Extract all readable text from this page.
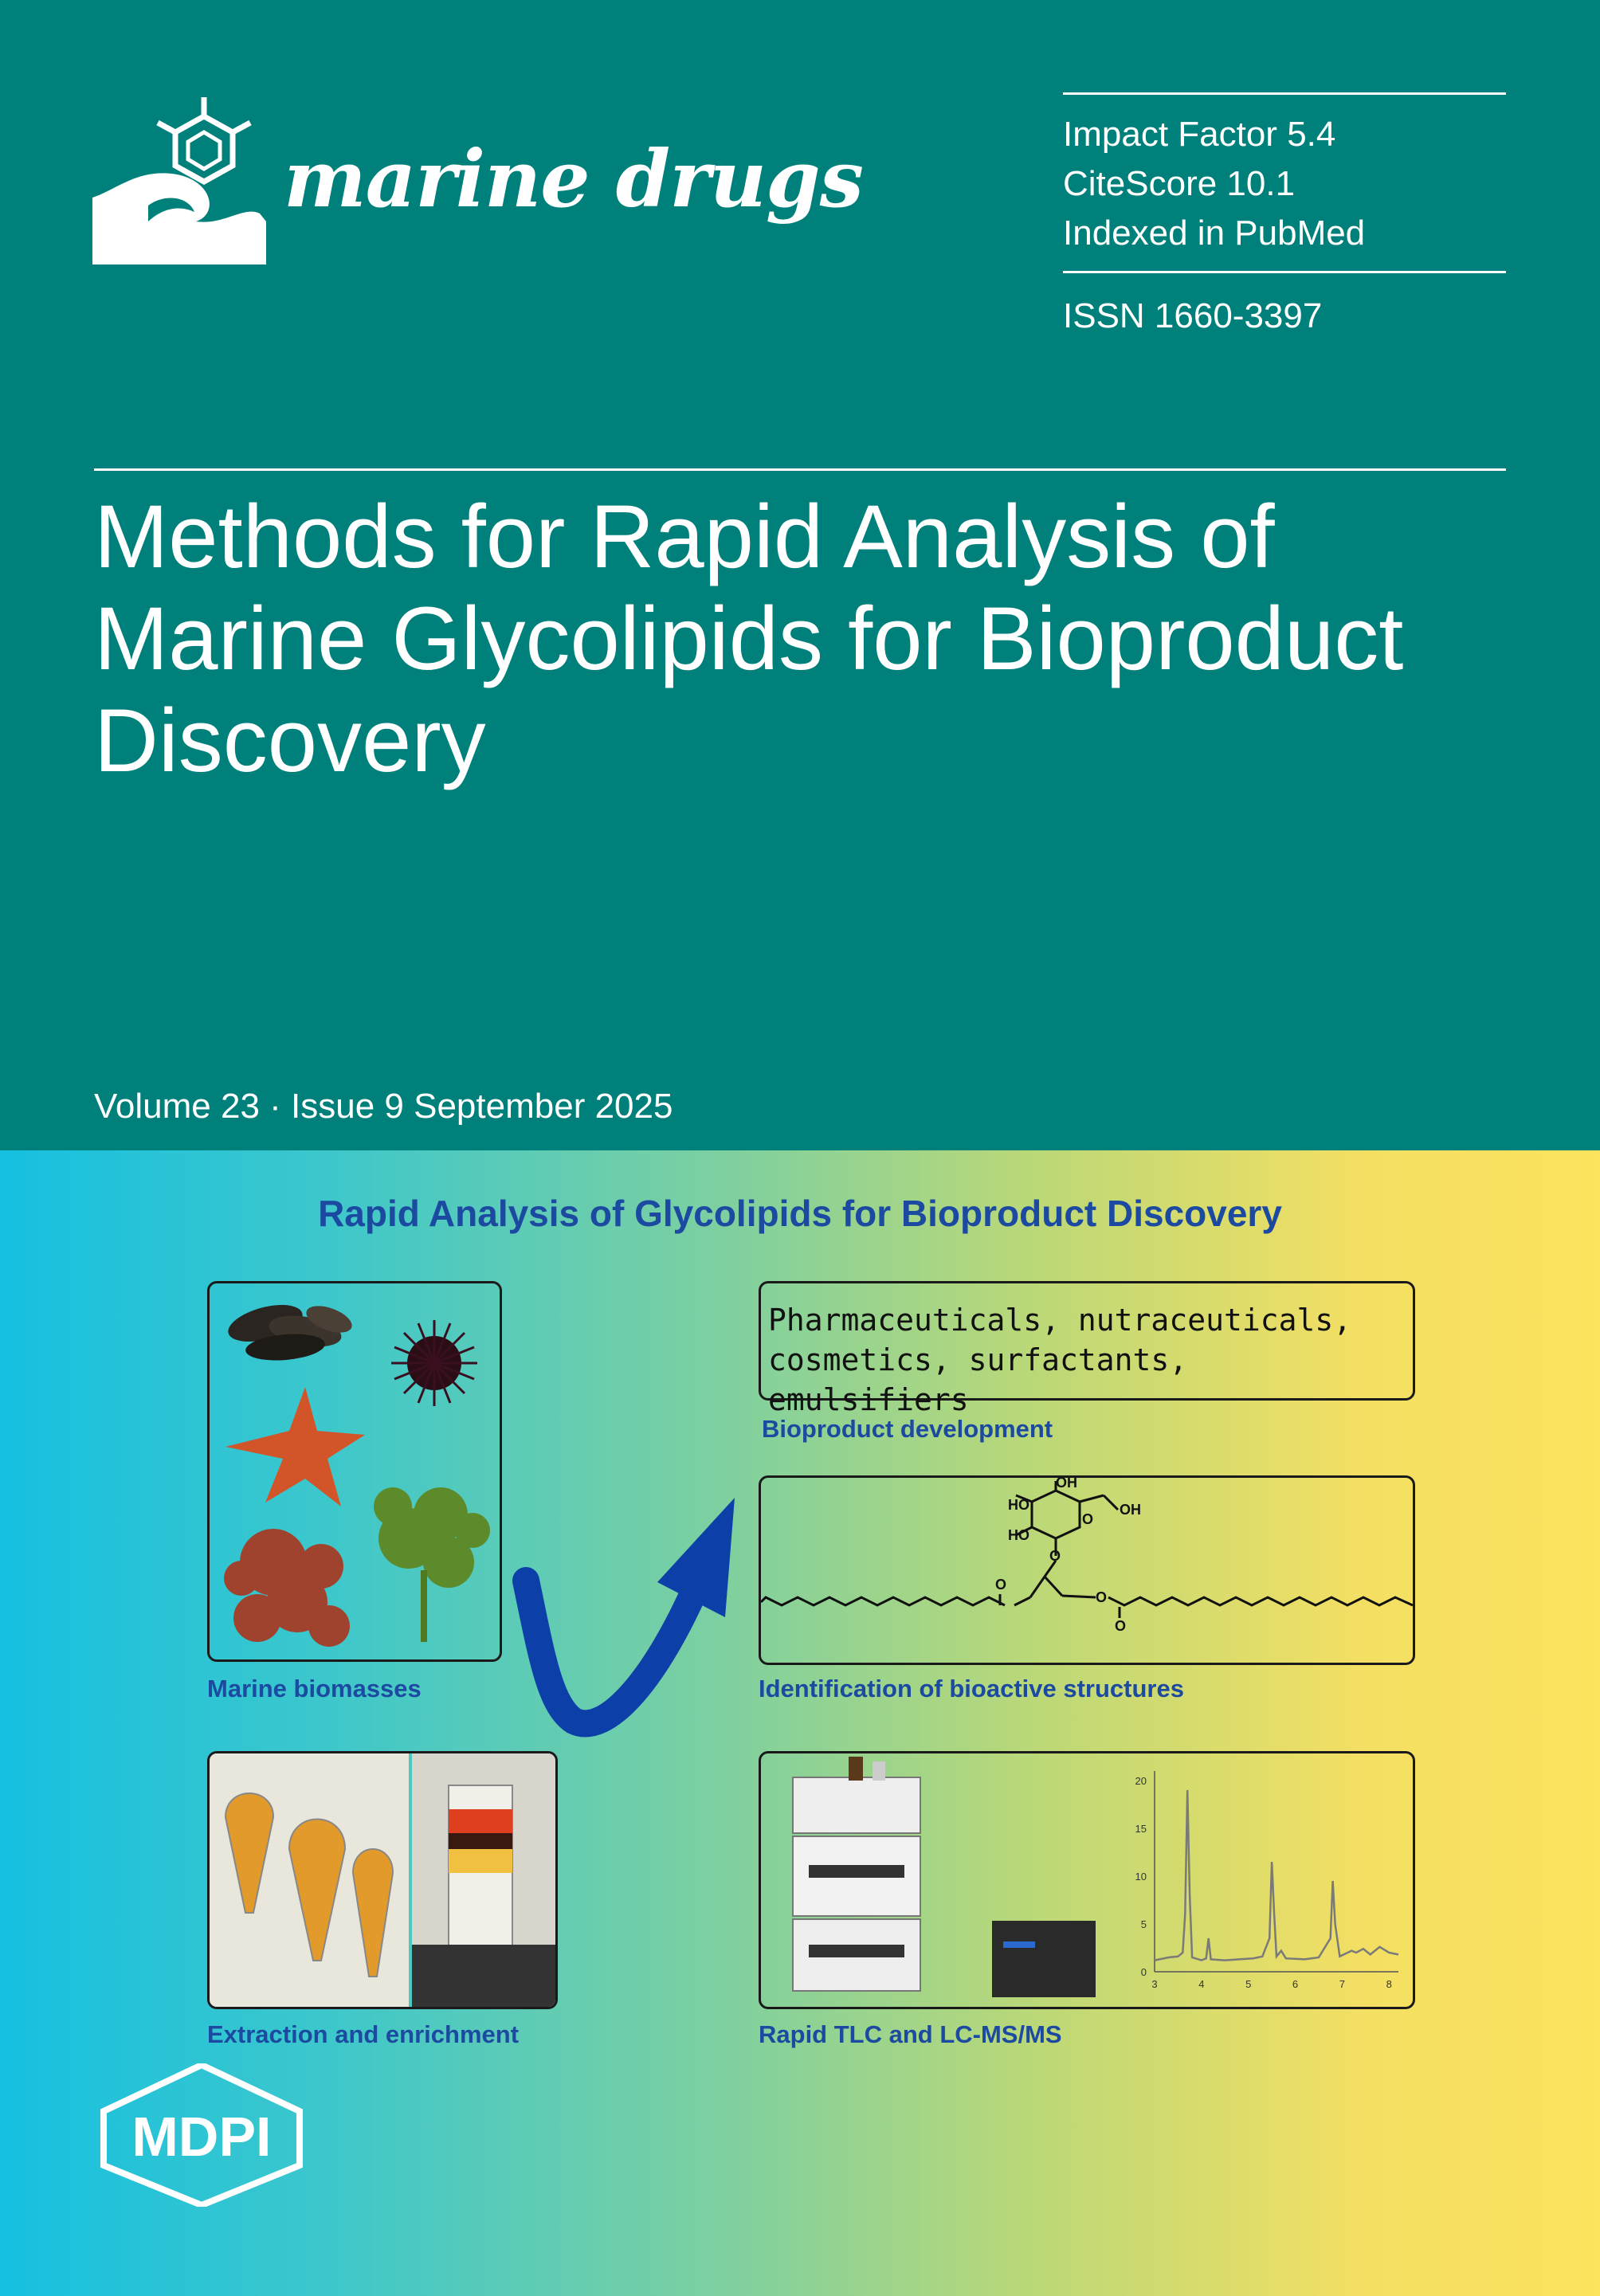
marine drugs	Impact Factor 5.4
CiteScore 10.1
Indexed in PubMed
ISSN 1660-3397
Methods for Rapid Analysis of Marine Glycolipids for Bioproduct Discovery
Volume 23 · Issue 9 September 2025
Rapid Analysis of Glycolipids for Bioproduct Discovery
Marine biomasses
Pharmaceuticals, nutraceuticals, cosmetics, surfactants, emulsifiers
Bioproduct development
HO
OH
OH
HO
O
O
O
O
O
Identification of bioactive structures
Extraction and enrichment
0
5
10
15
20
3	4	5	6	7	8
Rapid TLC and LC-MS/MS
MDPI
